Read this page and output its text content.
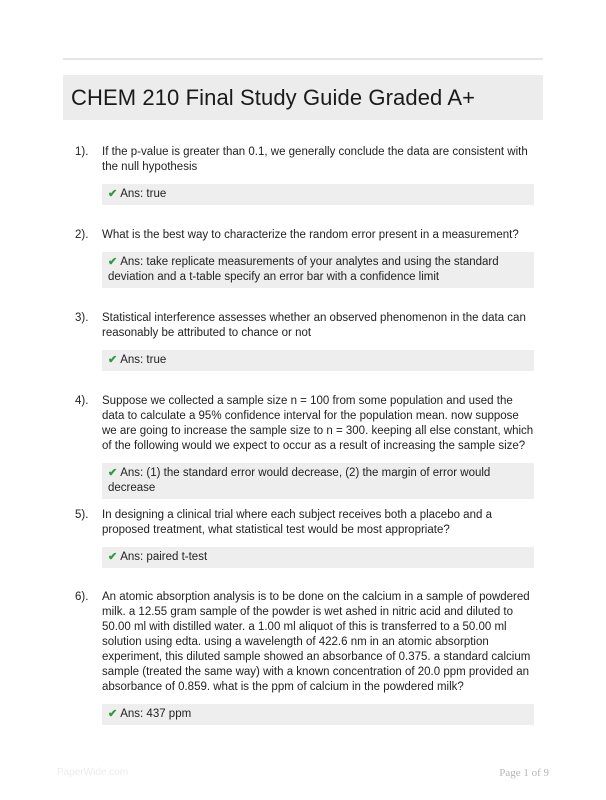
CHEM 210 Final Study Guide Graded A+
1). If the p-value is greater than 0.1, we generally conclude the data are consistent with the null hypothesis
✔ Ans: true
2). What is the best way to characterize the random error present in a measurement?
✔ Ans: take replicate measurements of your analytes and using the standard deviation and a t-table specify an error bar with a confidence limit
3). Statistical interference assesses whether an observed phenomenon in the data can reasonably be attributed to chance or not
✔ Ans: true
4). Suppose we collected a sample size n = 100 from some population and used the data to calculate a 95% confidence interval for the population mean. now suppose we are going to increase the sample size to n = 300. keeping all else constant, which of the following would we expect to occur as a result of increasing the sample size?
✔ Ans: (1) the standard error would decrease, (2) the margin of error would decrease
5). In designing a clinical trial where each subject receives both a placebo and a proposed treatment, what statistical test would be most appropriate?
✔ Ans: paired t-test
6). An atomic absorption analysis is to be done on the calcium in a sample of powdered milk. a 12.55 gram sample of the powder is wet ashed in nitric acid and diluted to 50.00 ml with distilled water. a 1.00 ml aliquot of this is transferred to a 50.00 ml solution using edta. using a wavelength of 422.6 nm in an atomic absorption experiment, this diluted sample showed an absorbance of 0.375. a standard calcium sample (treated the same way) with a known concentration of 20.0 ppm provided an absorbance of 0.859. what is the ppm of calcium in the powdered milk?
✔ Ans: 437 ppm
PaperWide.com	Page 1 of 9
